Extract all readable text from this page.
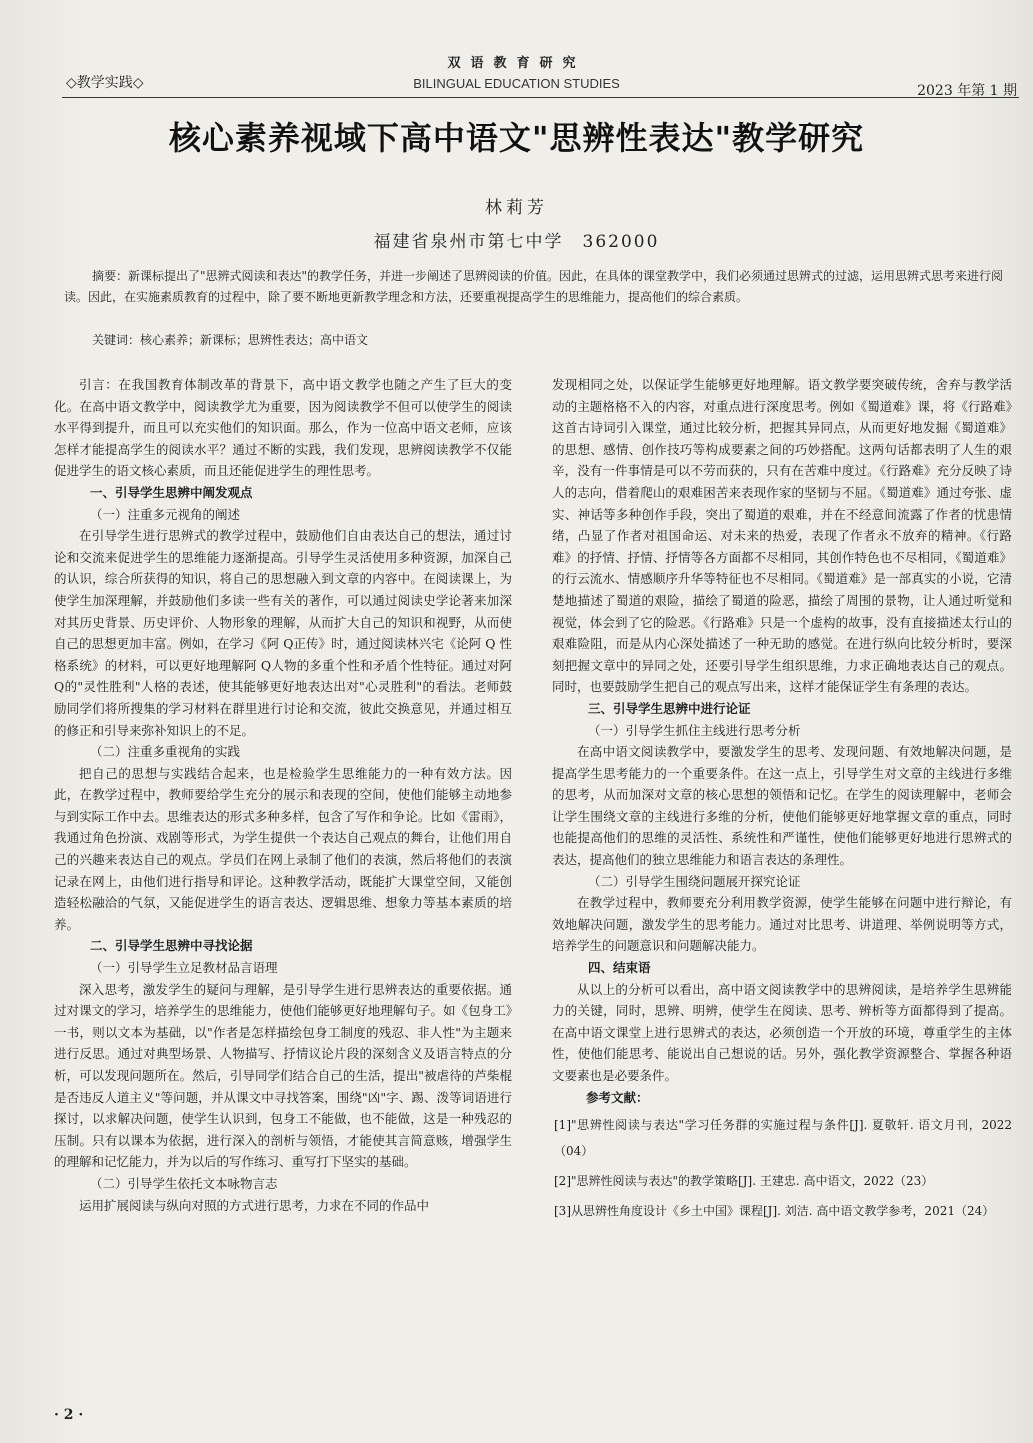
◇教学实践◇
双语教育研究
BILINGUAL EDUCATION STUDIES	2023 年第 1 期
核心素养视域下高中语文"思辨性表达"教学研究
林莉芳
福建省泉州市第七中学　362000
摘要：新课标提出了"思辨式阅读和表达"的教学任务，并进一步阐述了思辨阅读的价值。因此，在具体的课堂教学中，我们必须通过思辨式的过滤，运用思辨式思考来进行阅读。因此，在实施素质教育的过程中，除了要不断地更新教学理念和方法，还要重视提高学生的思维能力，提高他们的综合素质。
关键词：核心素养；新课标；思辨性表达；高中语文

引言：在我国教育体制改革的背景下，高中语文教学也随之产生了巨大的变化。在高中语文教学中，阅读教学尤为重要，因为阅读教学不但可以使学生的阅读水平得到提升，而且可以充实他们的知识面。那么，作为一位高中语文老师，应该怎样才能提高学生的阅读水平？通过不断的实践，我们发现，思辨阅读教学不仅能促进学生的语文核心素质，而且还能促进学生的理性思考。

一、引导学生思辨中阐发观点
（一）注重多元视角的阐述

在引导学生进行思辨式的教学过程中，鼓励他们自由表达自己的想法，通过讨论和交流来促进学生的思维能力逐渐提高。引导学生灵活使用多种资源，加深自己的认识，综合所获得的知识，将自己的思想融入到文章的内容中。在阅读课上，为使学生加深理解，并鼓励他们多读一些有关的著作，可以通过阅读史学论著来加深对其历史背景、历史评价、人物形象的理解，从而扩大自己的知识和视野，从而使自己的思想更加丰富。例如，在学习《阿 Q正传》时，通过阅读林兴宅《论阿 Q 性格系统》的材料，可以更好地理解阿 Q人物的多重个性和矛盾个性特征。通过对阿 Q的"灵性胜利"人格的表述，使其能够更好地表达出对"心灵胜利"的看法。老师鼓励同学们将所搜集的学习材料在群里进行讨论和交流，彼此交换意见，并通过相互的修正和引导来弥补知识上的不足。

（二）注重多重视角的实践

把自己的思想与实践结合起来，也是检验学生思维能力的一种有效方法。因此，在教学过程中，教师要给学生充分的展示和表现的空间，使他们能够主动地参与到实际工作中去。思维表达的形式多种多样，包含了写作和争论。比如《雷雨》，我通过角色扮演、戏剧等形式，为学生提供一个表达自己观点的舞台，让他们用自己的兴趣来表达自己的观点。学员们在网上录制了他们的表演，然后将他们的表演记录在网上，由他们进行指导和评论。这种教学活动，既能扩大课堂空间，又能创造轻松融洽的气氛，又能促进学生的语言表达、逻辑思维、想象力等基本素质的培养。

二、引导学生思辨中寻找论据
（一）引导学生立足教材品言语理

深入思考，激发学生的疑问与理解，是引导学生进行思辨表达的重要依据。通过对课文的学习，培养学生的思维能力，使他们能够更好地理解句子。如《包身工》一书，则以文本为基础，以"作者是怎样描绘包身工制度的残忍、非人性"为主题来进行反思。通过对典型场景、人物描写、抒情议论片段的深刻含义及语言特点的分析，可以发现问题所在。然后，引导同学们结合自己的生活，提出"被虐待的芦柴棍是否违反人道主义"等问题，并从课文中寻找答案，围绕"凶"字、踢、泼等词语进行探讨，以求解决问题，使学生认识到，包身工不能做，也不能做，这是一种残忍的压制。只有以课本为依据，进行深入的剖析与领悟，才能使其言简意赅，增强学生的理解和记忆能力，并为以后的写作练习、重写打下坚实的基础。

（二）引导学生依托文本咏物言志

运用扩展阅读与纵向对照的方式进行思考，力求在不同的作品中

发现相同之处，以保证学生能够更好地理解。语文教学要突破传统，舍弃与教学活动的主题格格不入的内容，对重点进行深度思考。例如《蜀道难》课，将《行路难》这首古诗词引入课堂，通过比较分析，把握其异同点，从而更好地发掘《蜀道难》的思想、感情、创作技巧等构成要素之间的巧妙搭配。这两句话都表明了人生的艰辛，没有一件事情是可以不劳而获的，只有在苦难中度过。《行路难》充分反映了诗人的志向，借着爬山的艰难困苦来表现作家的坚韧与不屈。《蜀道难》通过夸张、虚实、神话等多种创作手段，突出了蜀道的艰难，并在不经意间流露了作者的忧患情绪，凸显了作者对祖国命运、对未来的热爱，表现了作者永不放弃的精神。《行路难》的抒情、抒情、抒情等各方面都不尽相同，其创作特色也不尽相同，《蜀道难》的行云流水、情感顺序升华等特征也不尽相同。《蜀道难》是一部真实的小说，它清楚地描述了蜀道的艰险，描绘了蜀道的险恶，描绘了周围的景物，让人通过听觉和视觉，体会到了它的险恶。《行路难》只是一个虚构的故事，没有直接描述太行山的艰难险阻，而是从内心深处描述了一种无助的感觉。在进行纵向比较分析时，要深刻把握文章中的异同之处，还要引导学生组织思维，力求正确地表达自己的观点。同时，也要鼓励学生把自己的观点写出来，这样才能保证学生有条理的表达。

三、引导学生思辨中进行论证
（一）引导学生抓住主线进行思考分析

在高中语文阅读教学中，要激发学生的思考、发现问题、有效地解决问题，是提高学生思考能力的一个重要条件。在这一点上，引导学生对文章的主线进行多维的思考，从而加深对文章的核心思想的领悟和记忆。在学生的阅读理解中，老师会让学生围绕文章的主线进行多维的分析，使他们能够更好地掌握文章的重点，同时也能提高他们的思维的灵活性、系统性和严谨性，使他们能够更好地进行思辨式的表达，提高他们的独立思维能力和语言表达的条理性。

（二）引导学生围绕问题展开探究论证

在教学过程中，教师要充分利用教学资源，使学生能够在问题中进行辩论，有效地解决问题，激发学生的思考能力。通过对比思考、讲道理、举例说明等方式，培养学生的问题意识和问题解决能力。

四、结束语

从以上的分析可以看出，高中语文阅读教学中的思辨阅读，是培养学生思辨能力的关键，同时，思辨、明辨，使学生在阅读、思考、辨析等方面都得到了提高。在高中语文课堂上进行思辨式的表达，必须创造一个开放的环境，尊重学生的主体性，使他们能思考、能说出自己想说的话。另外，强化教学资源整合、掌握各种语文要素也是必要条件。

参考文献：
[1]"思辨性阅读与表达"学习任务群的实施过程与条件[J]. 夏敬轩. 语文月刊，2022（04）
[2]"思辨性阅读与表达"的教学策略[J]. 王建忠. 高中语文，2022（23）
[3]从思辨性角度设计《乡土中国》课程[J]. 刘洁. 高中语文教学参考，2021（24）
· 2 ·
